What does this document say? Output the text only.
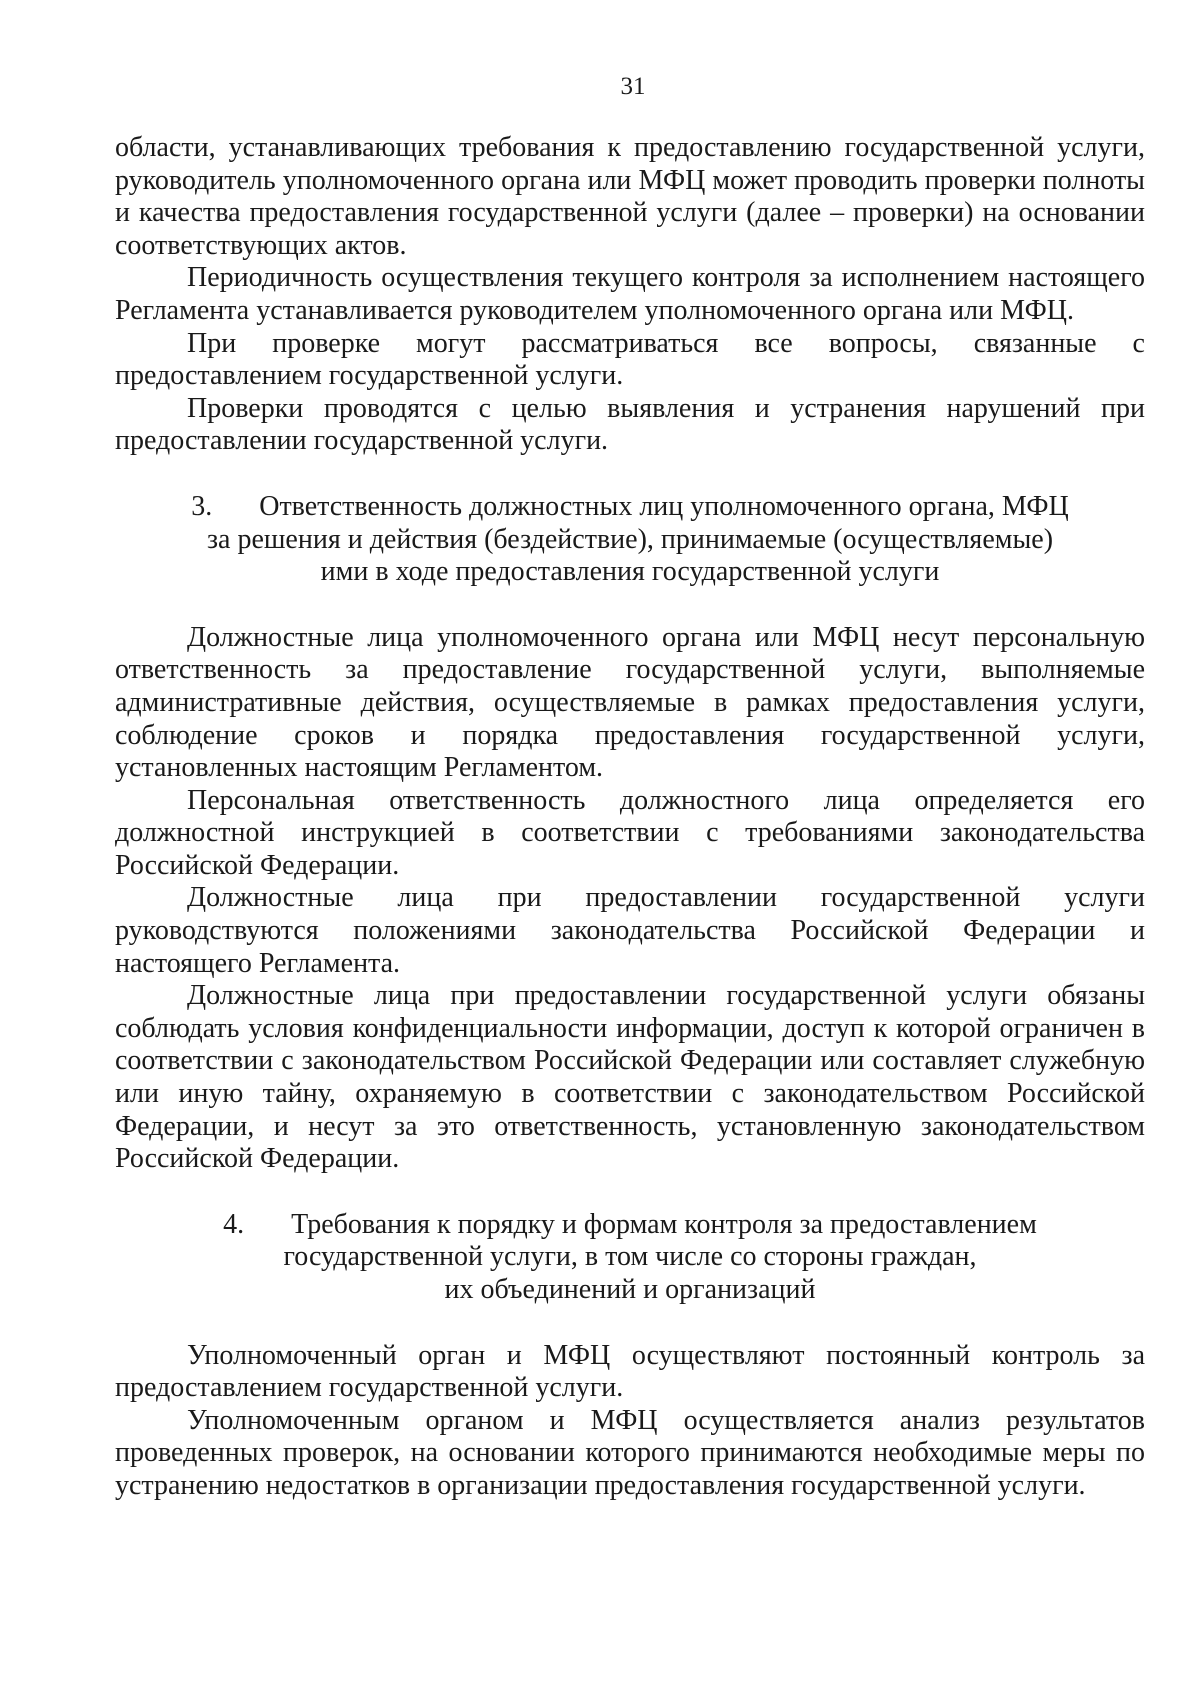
31

области, устанавливающих требования к предоставлению государственной услуги, руководитель уполномоченного органа или МФЦ может проводить проверки полноты и качества предоставления государственной услуги (далее – проверки) на основании соответствующих актов.

Периодичность осуществления текущего контроля за исполнением настоящего Регламента устанавливается руководителем уполномоченного органа или МФЦ.

При проверке могут рассматриваться все вопросы, связанные с предоставлением государственной услуги.

Проверки проводятся с целью выявления и устранения нарушений при предоставлении государственной услуги.

3. Ответственность должностных лиц уполномоченного органа, МФЦ

за решения и действия (бездействие), принимаемые (осуществляемые)

ими в ходе предоставления государственной услуги

Должностные лица уполномоченного органа или МФЦ несут персональную ответственность за предоставление государственной услуги, выполняемые административные действия, осуществляемые в рамках предоставления услуги, соблюдение сроков и порядка предоставления государственной услуги, установленных настоящим Регламентом.

Персональная ответственность должностного лица определяется его должностной инструкцией в соответствии с требованиями законодательства Российской Федерации.

Должностные лица при предоставлении государственной услуги руководствуются положениями законодательства Российской Федерации и настоящего Регламента.

Должностные лица при предоставлении государственной услуги обязаны соблюдать условия конфиденциальности информации, доступ к которой ограничен в соответствии с законодательством Российской Федерации или составляет служебную или иную тайну, охраняемую в соответствии с законодательством Российской Федерации, и несут за это ответственность, установленную законодательством Российской Федерации.

4. Требования к порядку и формам контроля за предоставлением

государственной услуги, в том числе со стороны граждан,

их объединений и организаций

Уполномоченный орган и МФЦ осуществляют постоянный контроль за предоставлением государственной услуги.

Уполномоченным органом и МФЦ осуществляется анализ результатов проведенных проверок, на основании которого принимаются необходимые меры по устранению недостатков в организации предоставления государственной услуги.
